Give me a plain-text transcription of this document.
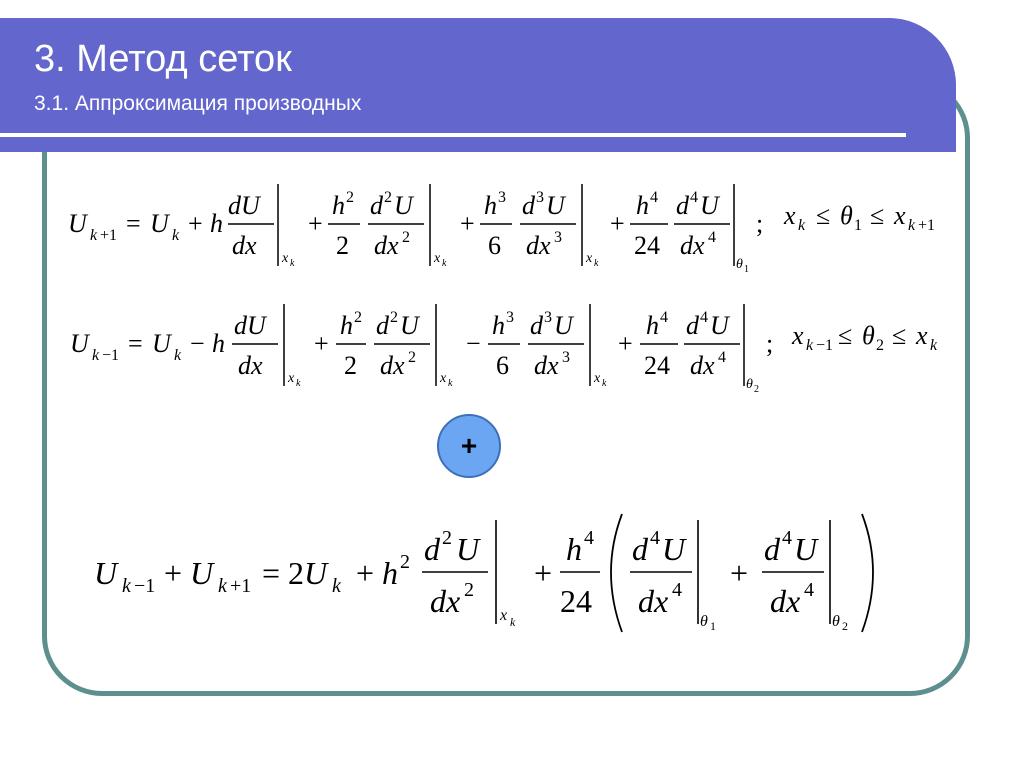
3. Метод сеток
3.1. Аппроксимация производных
U k +1 = U k + h
dU
dx x k
+
h 2
2
d 2 U
dx 2
x k
+
h 3
6
d 3 U
dx 3
x k
+
h 4
24
d 4 U
dx 4
θ 1
; x k ≤ θ 1 ≤ x k +1
U k −1 = U k − h
dU
dx x k
+
h 2
2
d 2 U
dx 2
x k
−
h 3
6
d 3 U
dx 3
x k
+
h 4
24
d 4 U
dx 4
θ 2
; x k −1 ≤ θ 2 ≤ x k
+
U k −1 + U k +1 = 2 U k + h 2 d 2 U
dx 2
x k
+
h 4
24
d 4 U
dx 4
θ 1
+
d 4 U
dx 4
θ 2
